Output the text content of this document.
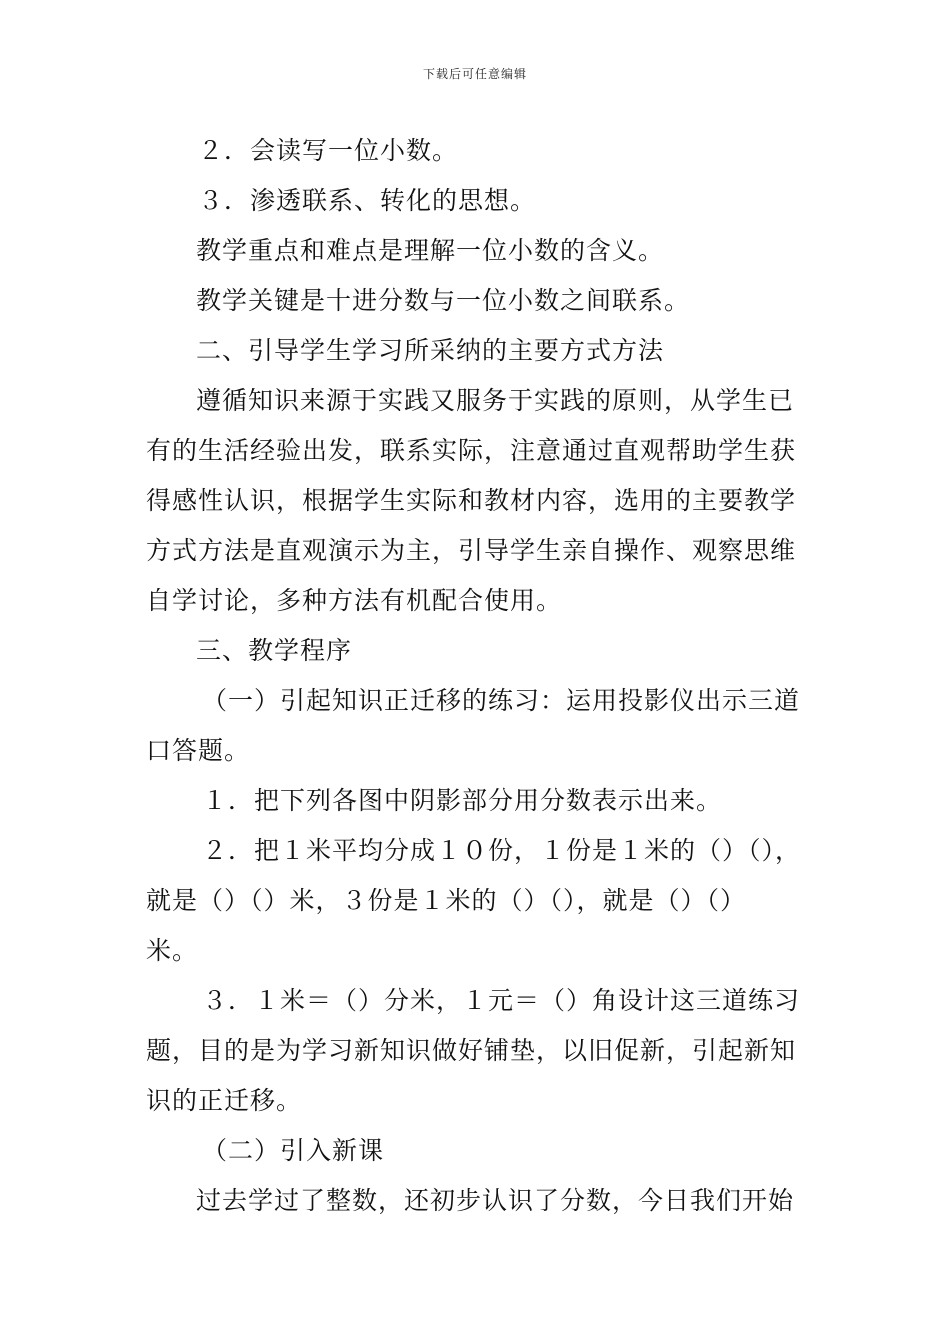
下载后可任意编辑
２．会读写一位小数。
３．渗透联系、转化的思想。
教学重点和难点是理解一位小数的含义。
教学关键是十进分数与一位小数之间联系。
二、引导学生学习所采纳的主要方式方法
遵循知识来源于实践又服务于实践的原则，从学生已
有的生活经验出发，联系实际，注意通过直观帮助学生获
得感性认识，根据学生实际和教材内容，选用的主要教学
方式方法是直观演示为主，引导学生亲自操作、观察思维
自学讨论，多种方法有机配合使用。
三、教学程序
（一）引起知识正迁移的练习：运用投影仪出示三道
口答题。
１．把下列各图中阴影部分用分数表示出来。
２．把１米平均分成１０份，１份是１米的（）（），
就是（）（）米，３份是１米的（）（），就是（）（）
米。
３．１米＝（）分米，１元＝（）角设计这三道练习
题，目的是为学习新知识做好铺垫，以旧促新，引起新知
识的正迁移。
（二）引入新课
过去学过了整数，还初步认识了分数，今日我们开始
